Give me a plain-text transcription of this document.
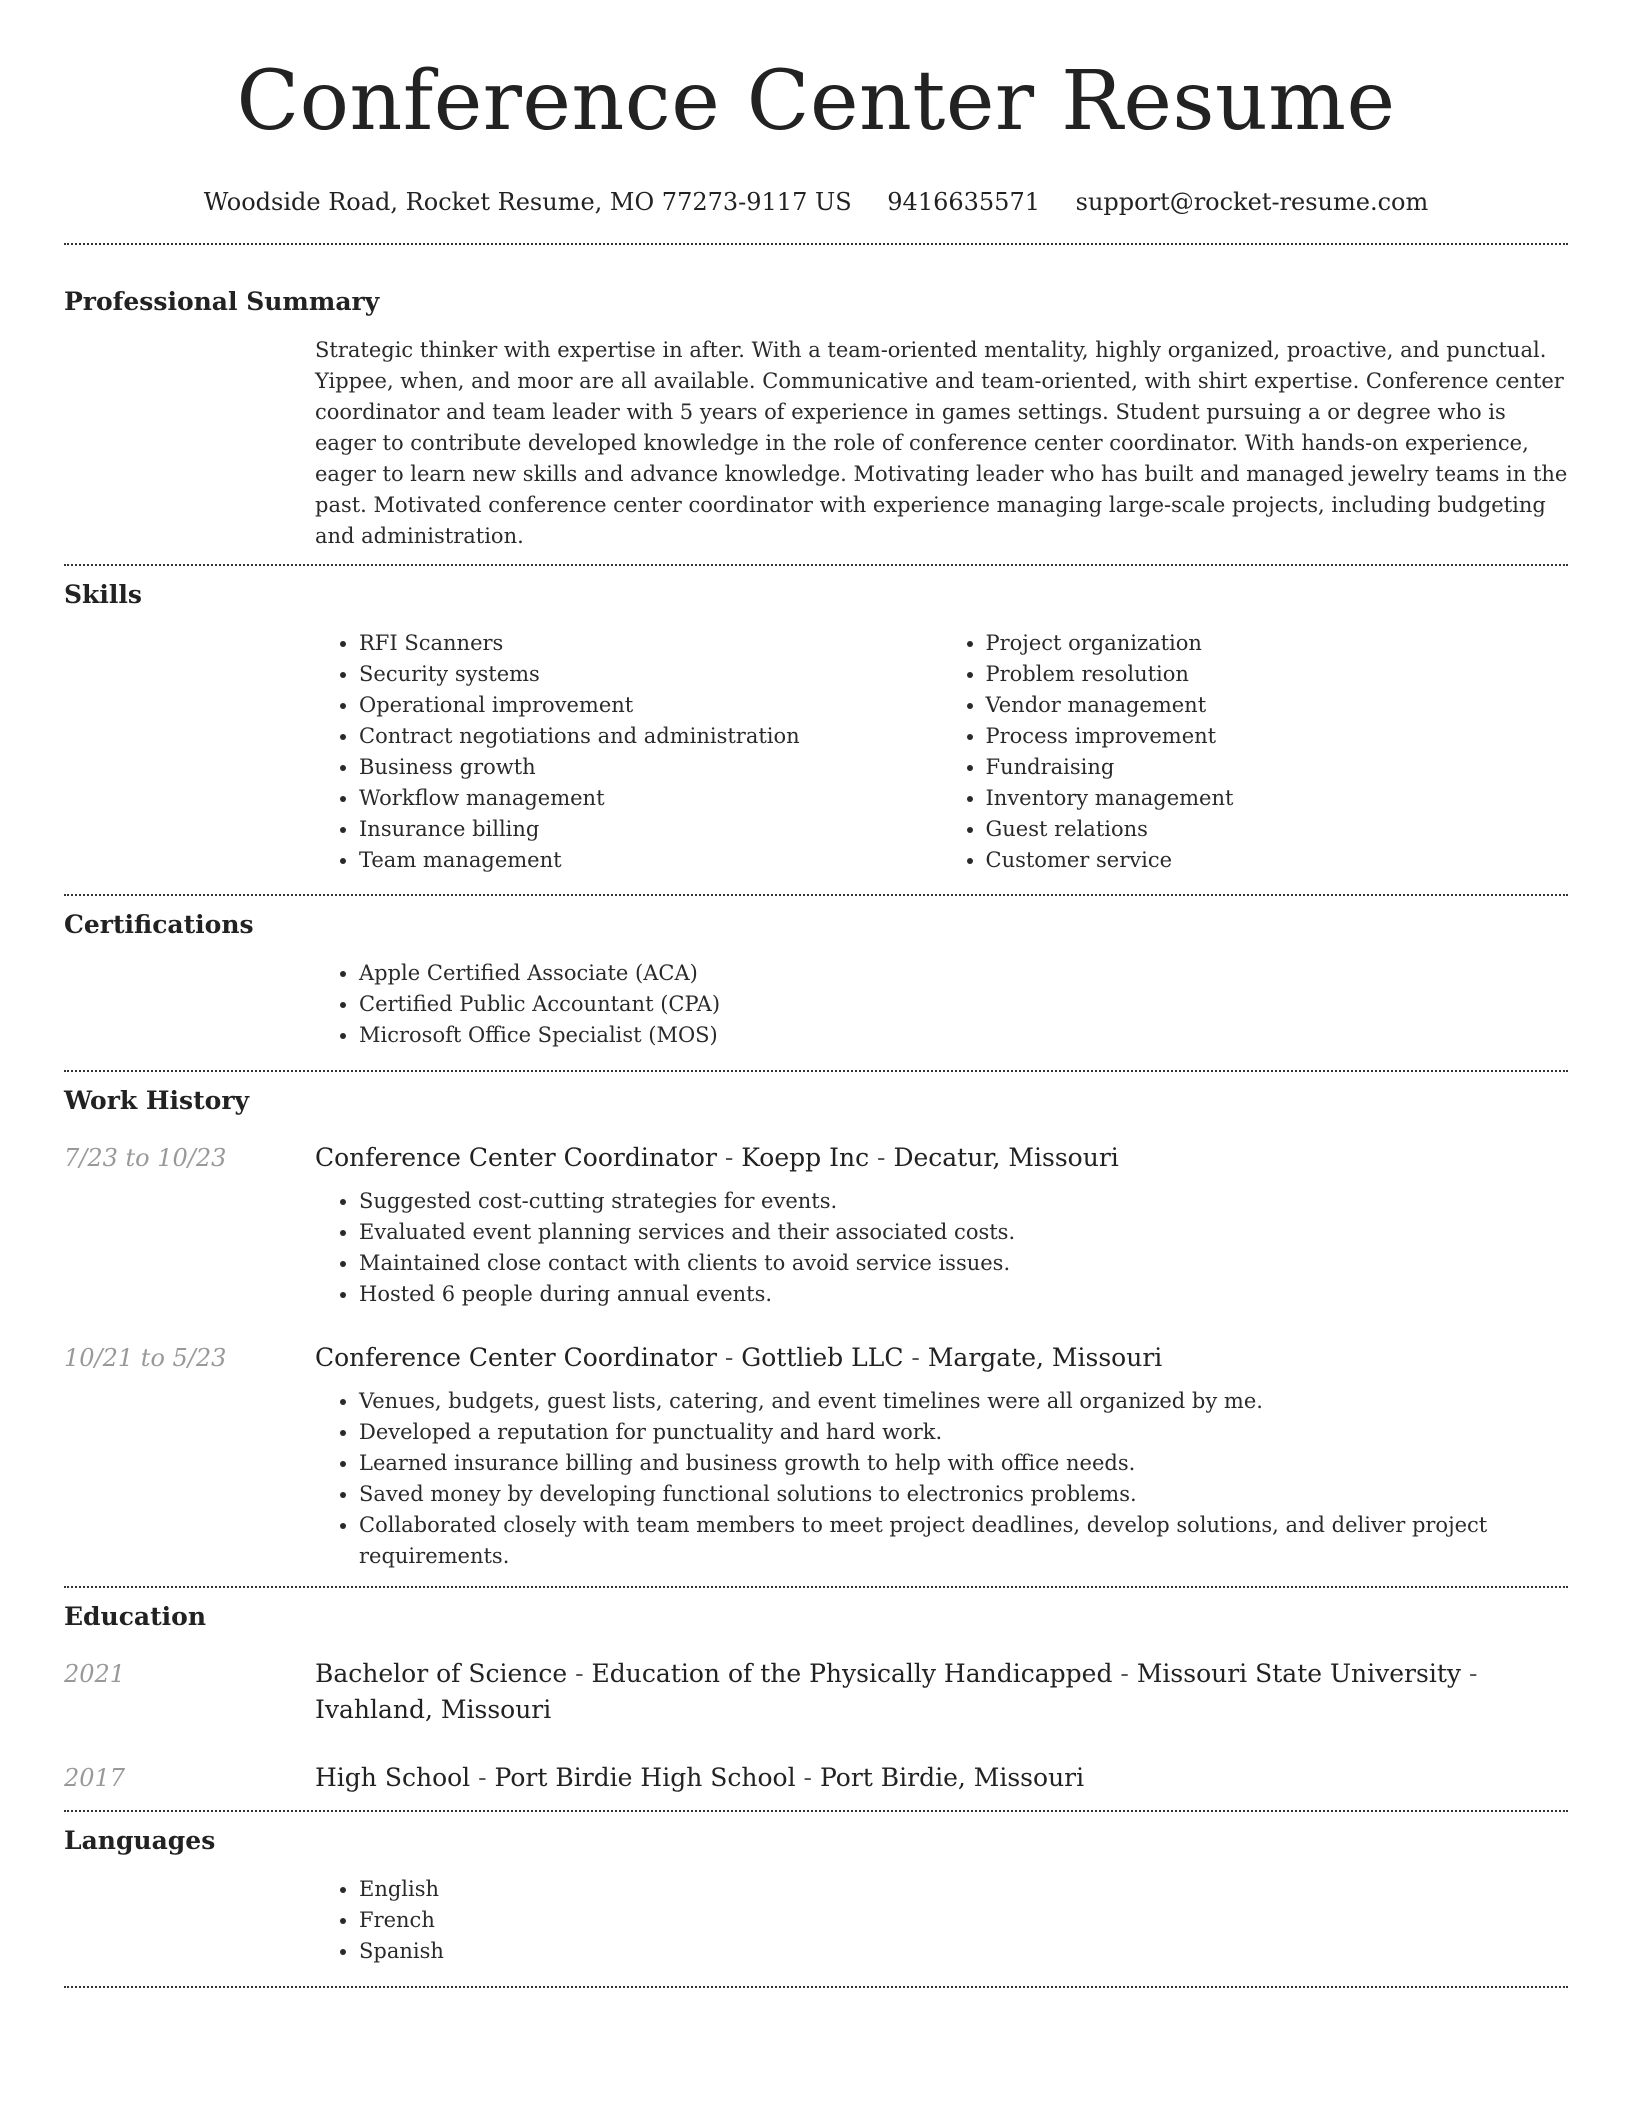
Conference Center Resume
Woodside Road, Rocket Resume, MO 77273-9117 US 9416635571 support@rocket-resume.com
Professional Summary

Strategic thinker with expertise in after. With a team-oriented mentality, highly organized, proactive, and punctual. Yippee, when, and moor are all available. Communicative and team-oriented, with shirt expertise. Conference center coordinator and team leader with 5 years of experience in games settings. Student pursuing a or degree who is eager to contribute developed knowledge in the role of conference center coordinator. With hands-on experience, eager to learn new skills and advance knowledge. Motivating leader who has built and managed jewelry teams in the past. Motivated conference center coordinator with experience managing large-scale projects, including budgeting and administration.

Skills
• RFI Scanners
• Security systems
• Operational improvement
• Contract negotiations and administration
• Business growth
• Workflow management
• Insurance billing
• Team management
• Project organization
• Problem resolution
• Vendor management
• Process improvement
• Fundraising
• Inventory management
• Guest relations
• Customer service
Certifications
• Apple Certified Associate (ACA)
• Certified Public Accountant (CPA)
• Microsoft Office Specialist (MOS)
Work History
7/23 to 10/23	Conference Center Coordinator - Koepp Inc - Decatur, Missouri
• Suggested cost-cutting strategies for events.
• Evaluated event planning services and their associated costs.
• Maintained close contact with clients to avoid service issues.
• Hosted 6 people during annual events.
10/21 to 5/23	Conference Center Coordinator - Gottlieb LLC - Margate, Missouri
• Venues, budgets, guest lists, catering, and event timelines were all organized by me.
• Developed a reputation for punctuality and hard work.
• Learned insurance billing and business growth to help with office needs.
• Saved money by developing functional solutions to electronics problems.
• Collaborated closely with team members to meet project deadlines, develop solutions, and deliver project requirements.
Education
2021	Bachelor of Science - Education of the Physically Handicapped - Missouri State University - Ivahland, Missouri
2017	High School - Port Birdie High School - Port Birdie, Missouri
Languages
• English
• French
• Spanish
